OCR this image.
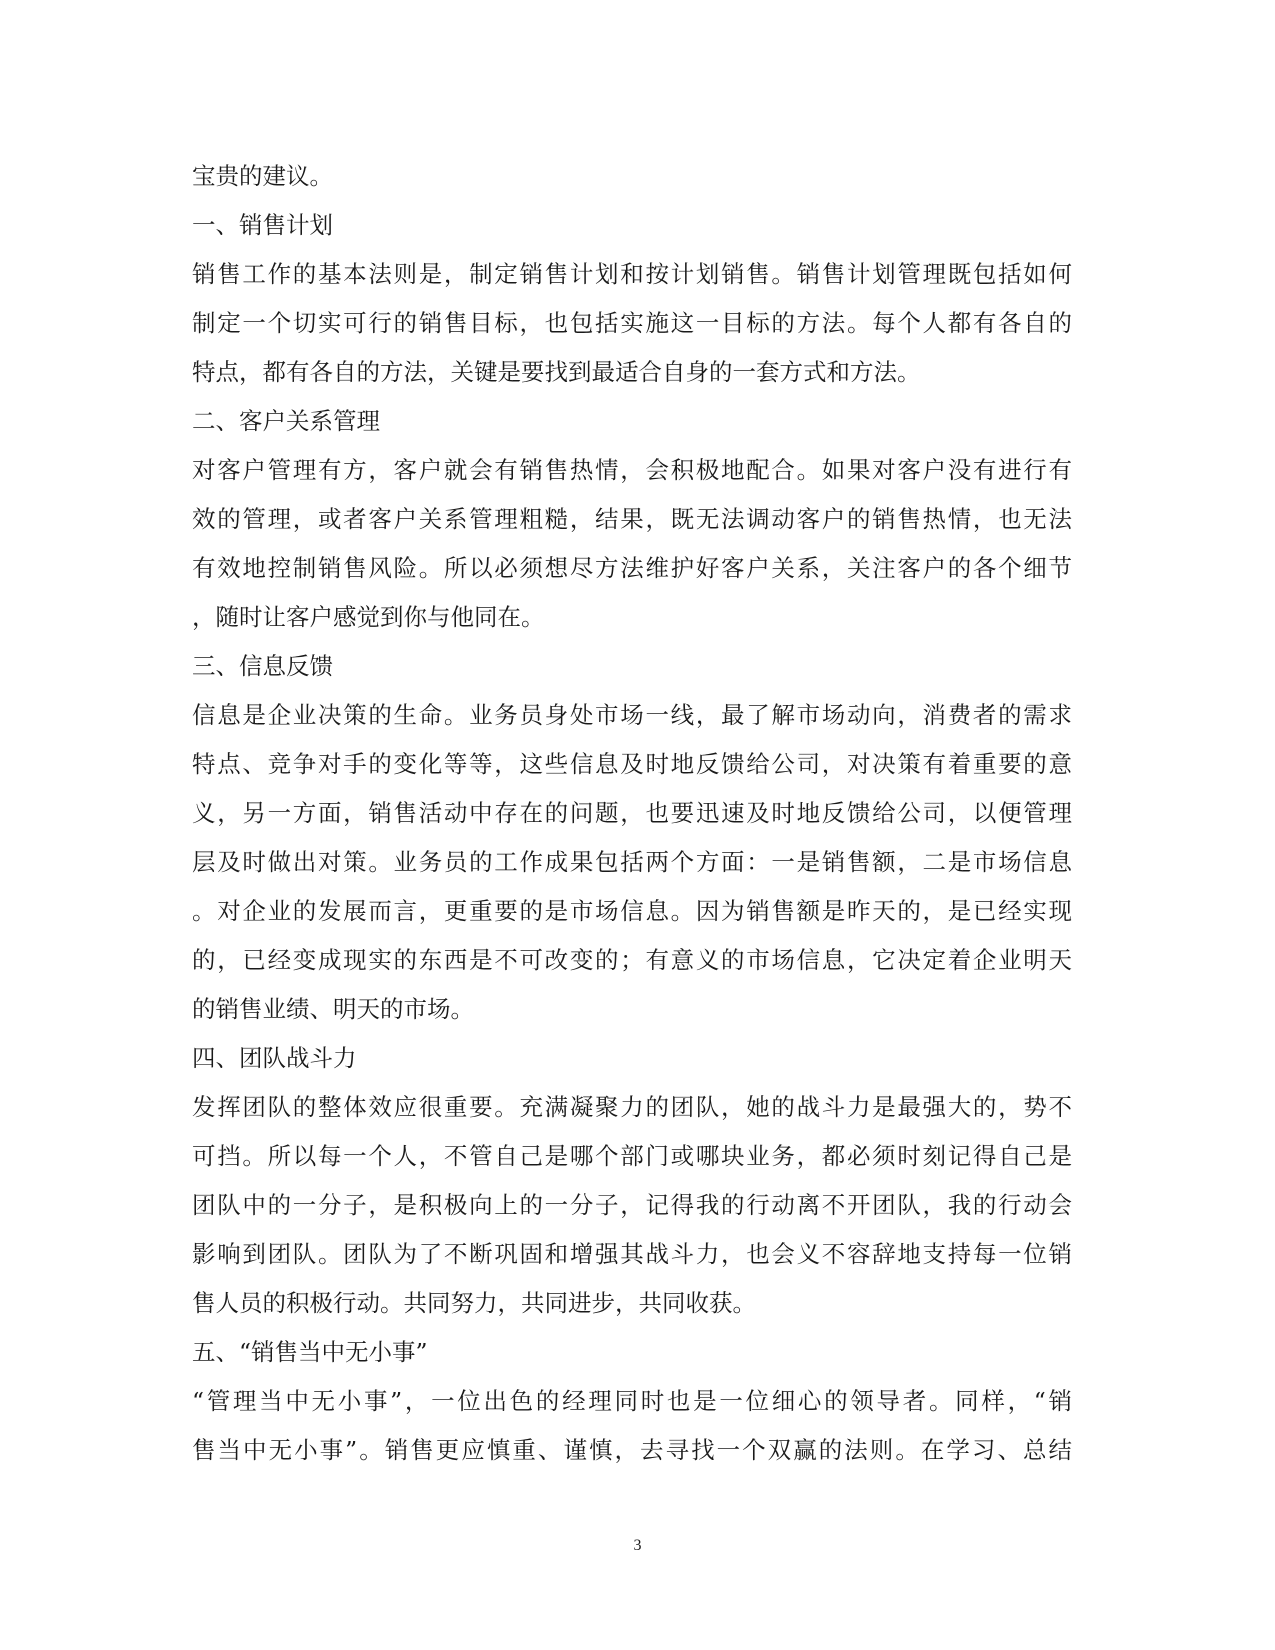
宝贵的建议。
一、销售计划
销售工作的基本法则是，制定销售计划和按计划销售。销售计划管理既包括如何
制定一个切实可行的销售目标，也包括实施这一目标的方法。每个人都有各自的
特点，都有各自的方法，关键是要找到最适合自身的一套方式和方法。
二、客户关系管理
对客户管理有方，客户就会有销售热情，会积极地配合。如果对客户没有进行有
效的管理，或者客户关系管理粗糙，结果，既无法调动客户的销售热情，也无法
有效地控制销售风险。所以必须想尽方法维护好客户关系，关注客户的各个细节
，随时让客户感觉到你与他同在。
三、信息反馈
信息是企业决策的生命。业务员身处市场一线，最了解市场动向，消费者的需求
特点、竞争对手的变化等等，这些信息及时地反馈给公司，对决策有着重要的意
义，另一方面，销售活动中存在的问题，也要迅速及时地反馈给公司，以便管理
层及时做出对策。业务员的工作成果包括两个方面：一是销售额，二是市场信息
。对企业的发展而言，更重要的是市场信息。因为销售额是昨天的，是已经实现
的，已经变成现实的东西是不可改变的；有意义的市场信息，它决定着企业明天
的销售业绩、明天的市场。
四、团队战斗力
发挥团队的整体效应很重要。充满凝聚力的团队，她的战斗力是最强大的，势不
可挡。所以每一个人，不管自己是哪个部门或哪块业务，都必须时刻记得自己是
团队中的一分子，是积极向上的一分子，记得我的行动离不开团队，我的行动会
影响到团队。团队为了不断巩固和增强其战斗力，也会义不容辞地支持每一位销
售人员的积极行动。共同努力，共同进步，共同收获。
五、“销售当中无小事”
“管理当中无小事”，一位出色的经理同时也是一位细心的领导者。同样，“销
售当中无小事”。销售更应慎重、谨慎，去寻找一个双赢的法则。在学习、总结
3
